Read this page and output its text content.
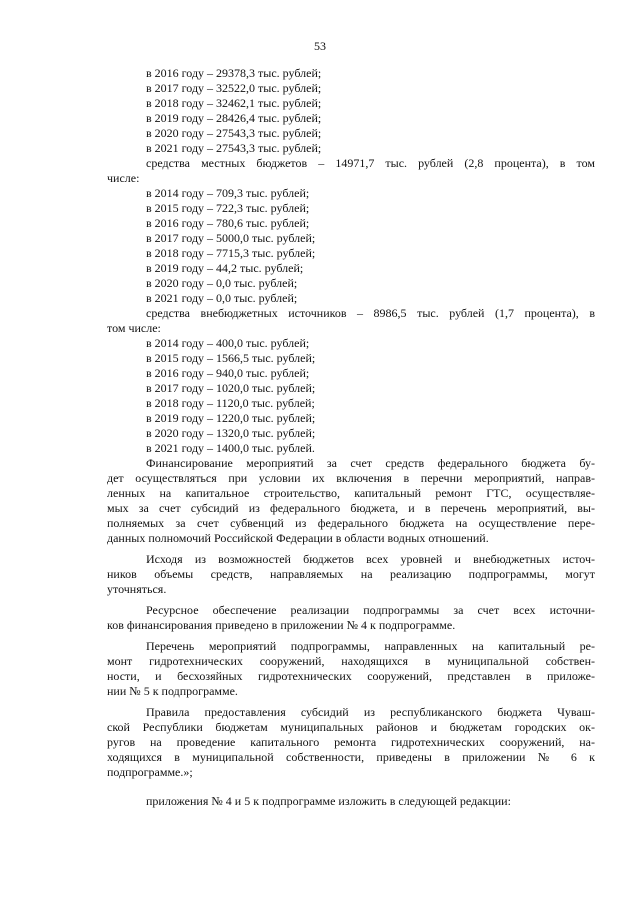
53
в 2016 году – 29378,3 тыс. рублей;
в 2017 году – 32522,0 тыс. рублей;
в 2018 году – 32462,1 тыс. рублей;
в 2019 году – 28426,4 тыс. рублей;
в 2020 году – 27543,3 тыс. рублей;
в 2021 году – 27543,3 тыс. рублей;
средства местных бюджетов – 14971,7 тыс. рублей (2,8 процента), в том
числе:
в 2014 году – 709,3 тыс. рублей;
в 2015 году – 722,3 тыс. рублей;
в 2016 году – 780,6 тыс. рублей;
в 2017 году – 5000,0 тыс. рублей;
в 2018 году – 7715,3 тыс. рублей;
в 2019 году – 44,2 тыс. рублей;
в 2020 году – 0,0 тыс. рублей;
в 2021 году – 0,0 тыс. рублей;
средства внебюджетных источников – 8986,5 тыс. рублей (1,7 процента), в
том числе:
в 2014 году – 400,0 тыс. рублей;
в 2015 году – 1566,5 тыс. рублей;
в 2016 году – 940,0 тыс. рублей;
в 2017 году – 1020,0 тыс. рублей;
в 2018 году – 1120,0 тыс. рублей;
в 2019 году – 1220,0 тыс. рублей;
в 2020 году – 1320,0 тыс. рублей;
в 2021 году – 1400,0 тыс. рублей.
Финансирование мероприятий за счет средств федерального бюджета бу-
дет осуществляться при условии их включения в перечни мероприятий, направ-
ленных на капитальное строительство, капитальный ремонт ГТС, осуществляе-
мых за счет субсидий из федерального бюджета, и в перечень мероприятий, вы-
полняемых за счет субвенций из федерального бюджета на осуществление пере-
данных полномочий Российской Федерации в области водных отношений.
Исходя из возможностей бюджетов всех уровней и внебюджетных источ-
ников объемы средств, направляемых на реализацию подпрограммы, могут
уточняться.
Ресурсное обеспечение реализации подпрограммы за счет всех источни-
ков финансирования приведено в приложении № 4 к подпрограмме.
Перечень мероприятий подпрограммы, направленных на капитальный ре-
монт гидротехнических сооружений, находящихся в муниципальной собствен-
ности, и бесхозяйных гидротехнических сооружений, представлен в приложе-
нии № 5 к подпрограмме.
Правила предоставления субсидий из республиканского бюджета Чуваш-
ской Республики бюджетам муниципальных районов и бюджетам городских ок-
ругов на проведение капитального ремонта гидротехнических сооружений, на-
ходящихся в муниципальной собственности, приведены в приложении № 6 к
подпрограмме.»;
приложения № 4 и 5 к подпрограмме изложить в следующей редакции:
